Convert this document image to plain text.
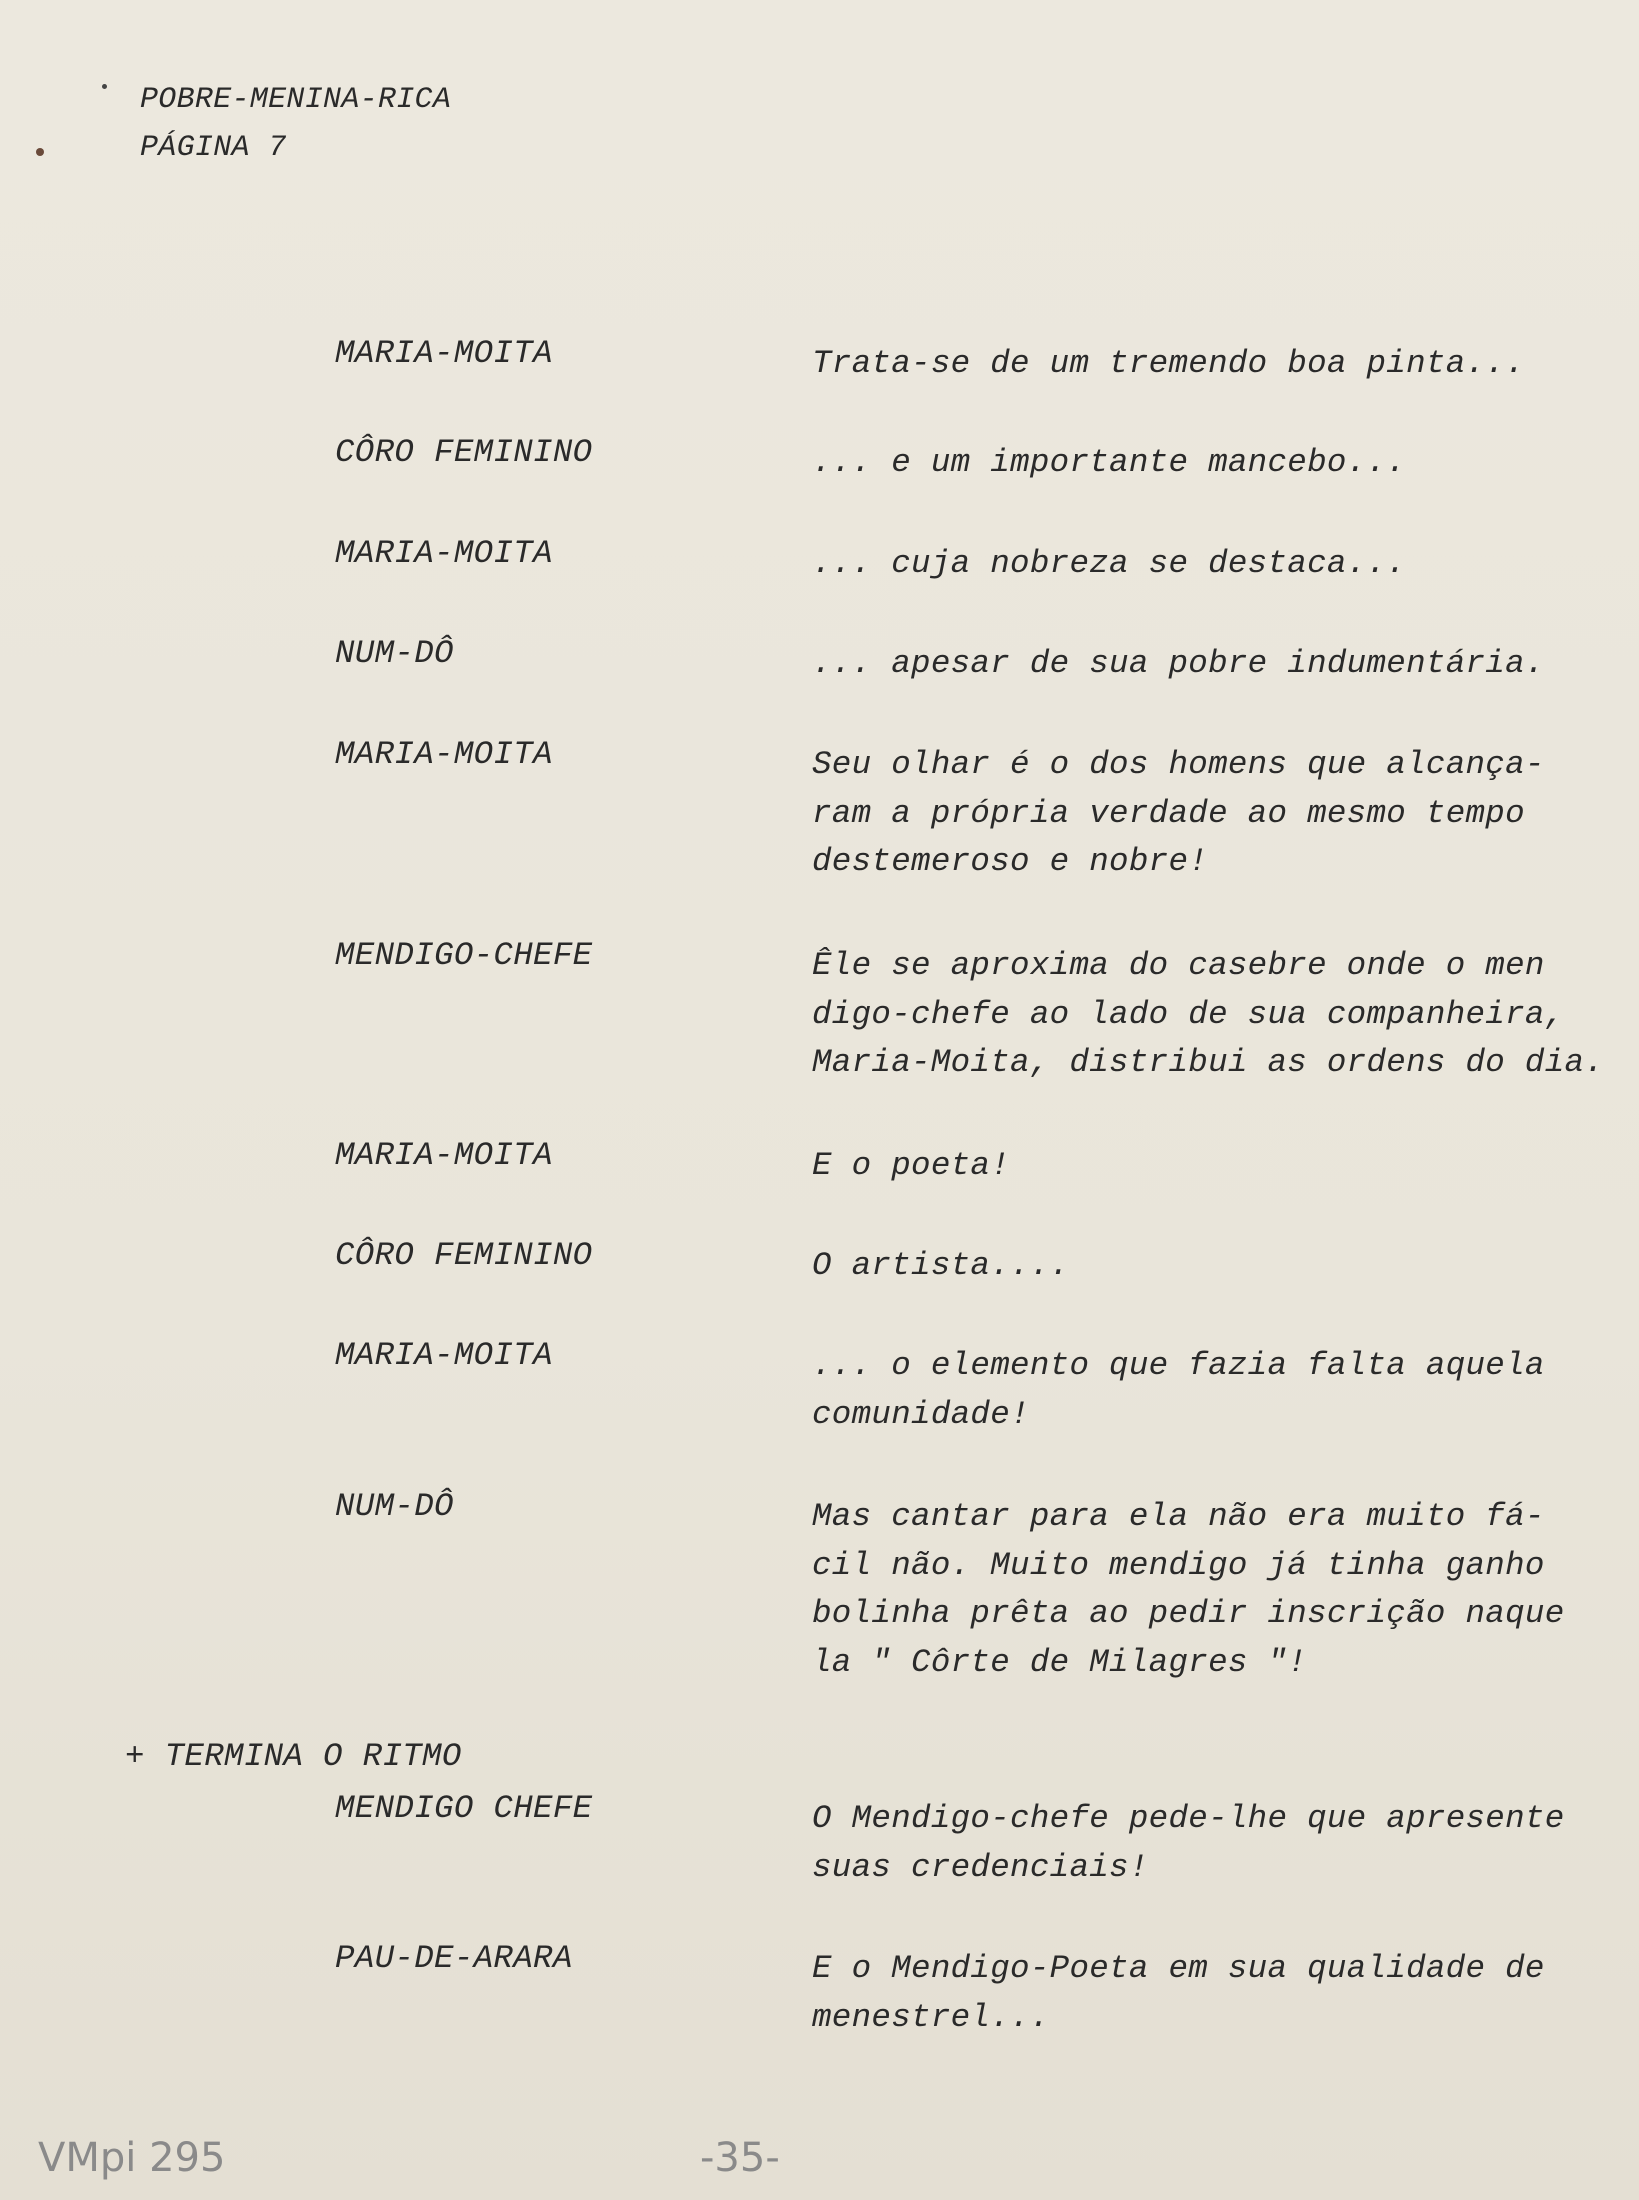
POBRE-MENINA-RICA
PÁGINA 7
MARIA-MOITA	Trata-se de um tremendo boa pinta...
CÔRO FEMININO	... e um importante mancebo...
MARIA-MOITA	... cuja nobreza se destaca...
NUM-DÔ	... apesar de sua pobre indumentária.
MARIA-MOITA	Seu olhar é o dos homens que alcança-
ram a própria verdade ao mesmo tempo
destemeroso e nobre!
MENDIGO-CHEFE	Êle se aproxima do casebre onde o men
digo-chefe ao lado de sua companheira,
Maria-Moita, distribui as ordens do dia.
MARIA-MOITA	E o poeta!
CÔRO FEMININO	O artista....
MARIA-MOITA	... o elemento que fazia falta aquela
comunidade!
NUM-DÔ	Mas cantar para ela não era muito fá-
cil não. Muito mendigo já tinha ganho
bolinha prêta ao pedir inscrição naque
la " Côrte de Milagres "!
MENDIGO CHEFE	O Mendigo-chefe pede-lhe que apresente
suas credenciais!
PAU-DE-ARARA	E o Mendigo-Poeta em sua qualidade de
menestrel...
+ TERMINA O RITMO
VMpi 295	-35-
